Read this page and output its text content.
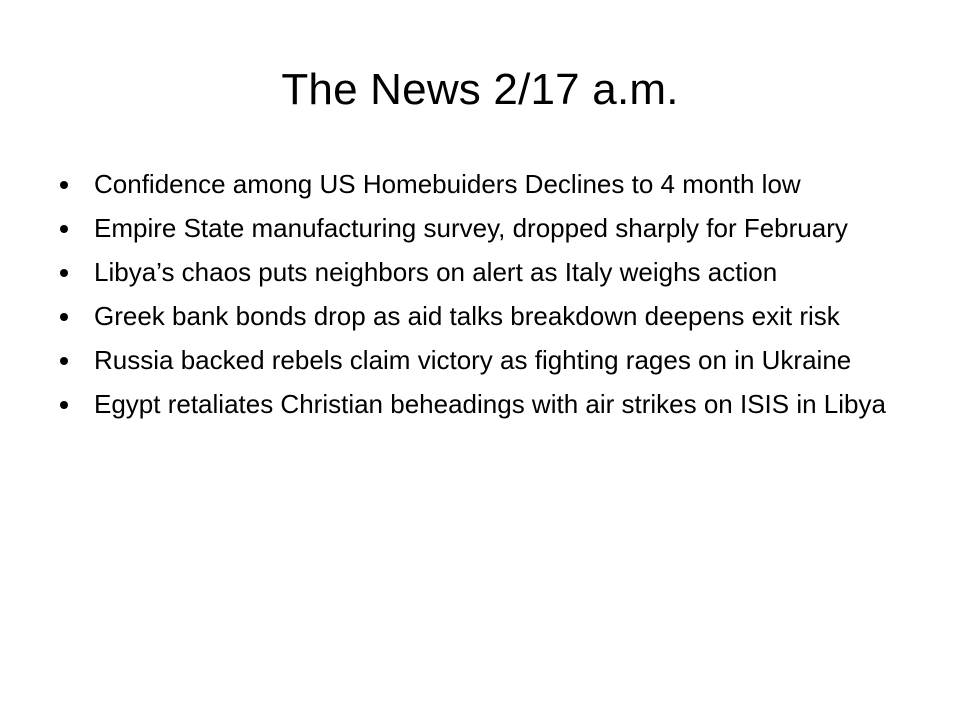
The News 2/17 a.m.
Confidence among US Homebuiders Declines to 4 month low
Empire State manufacturing survey, dropped sharply for February
Libya’s chaos puts neighbors on alert as Italy weighs action
Greek bank bonds drop as aid talks breakdown deepens exit risk
Russia backed rebels claim victory as fighting rages on in Ukraine
Egypt retaliates Christian beheadings with air strikes on ISIS in Libya
